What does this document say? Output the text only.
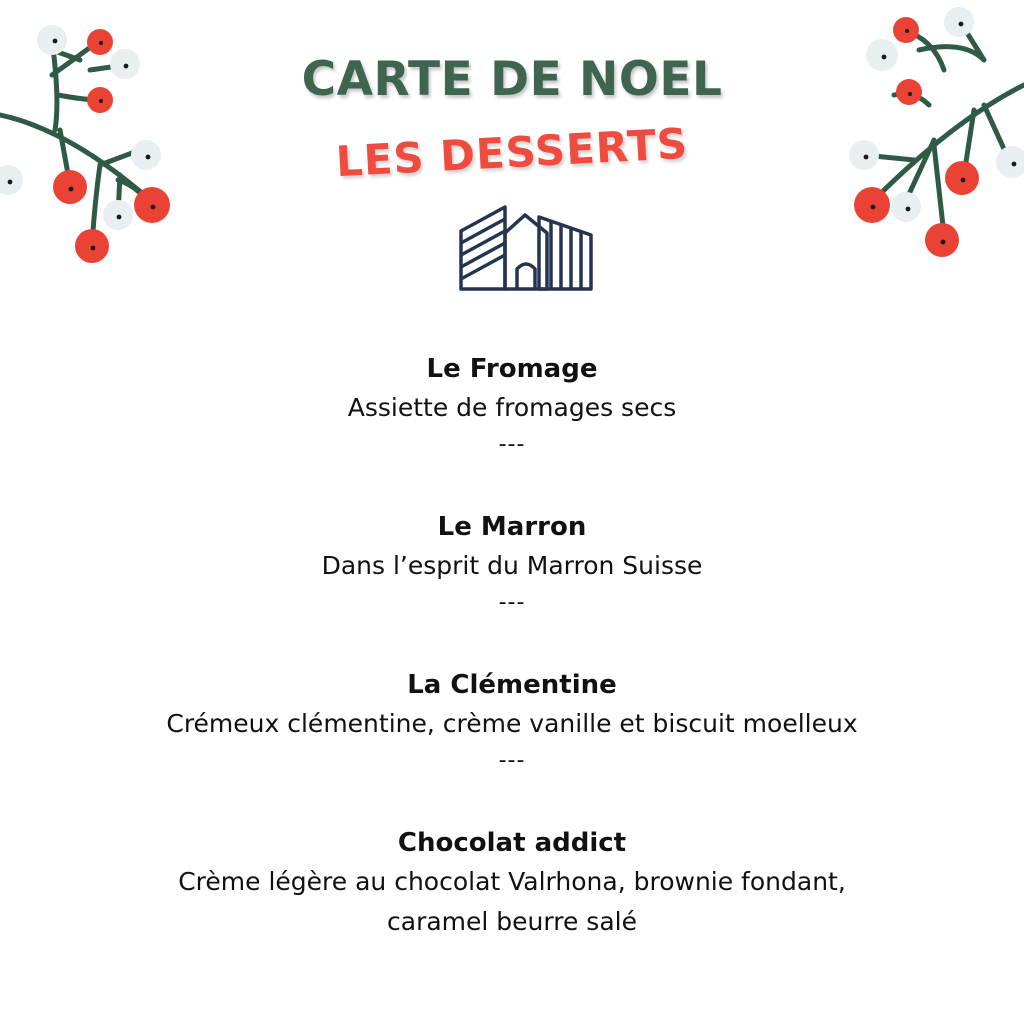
CARTE DE NOEL
LES DESSERTS
Le Fromage
Assiette de fromages secs
---
Le Marron
Dans l’esprit du Marron Suisse
---
La Clémentine
Crémeux clémentine, crème vanille et biscuit moelleux
---
Chocolat addict
Crème légère au chocolat Valrhona, brownie fondant,
caramel beurre salé
